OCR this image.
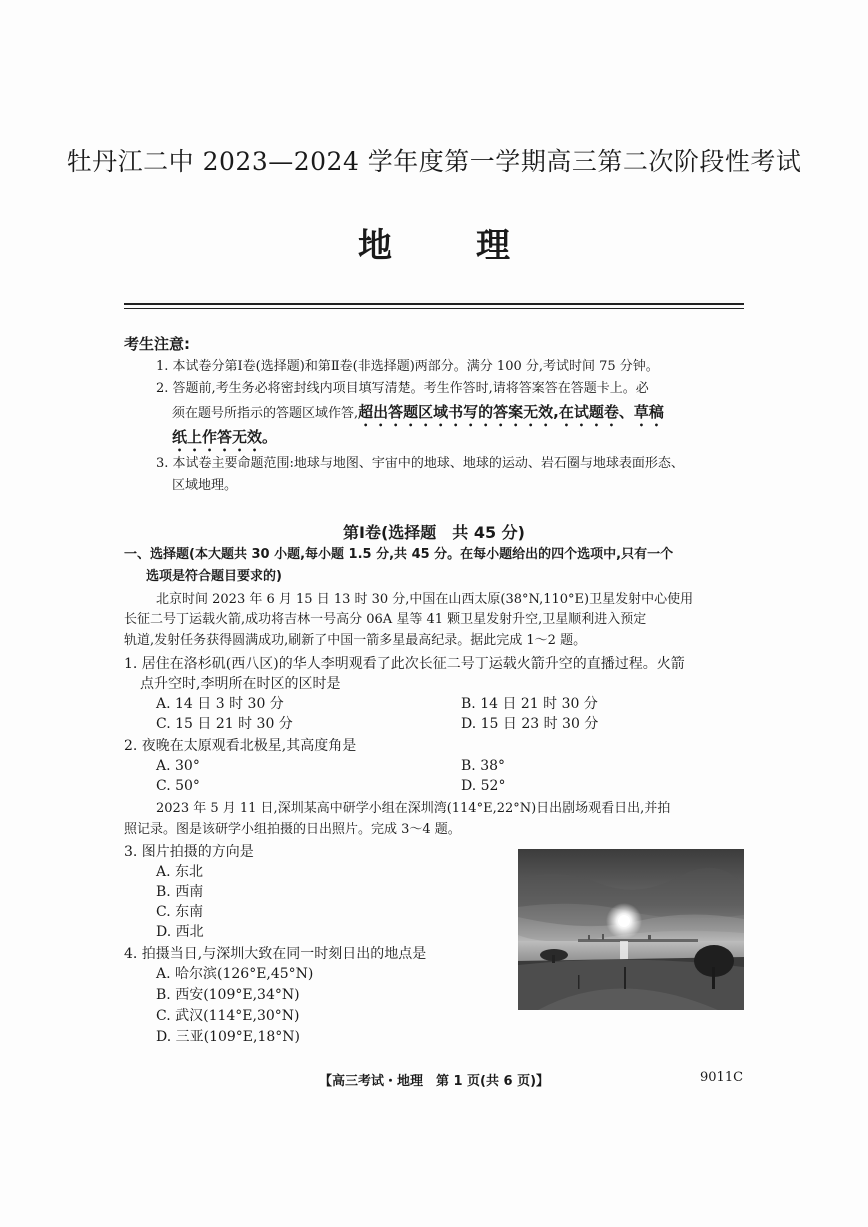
牡丹江二中 2023—2024 学年度第一学期高三第二次阶段性考试
地 理
考生注意:
1. 本试卷分第Ⅰ卷(选择题)和第Ⅱ卷(非选择题)两部分。满分 100 分,考试时间 75 分钟。
2. 答题前,考生务必将密封线内项目填写清楚。考生作答时,请将答案答在答题卡上。必
须在题号所指示的答题区域作答,超出答题区域书写的答案无效,在试题卷、草稿
纸上作答无效。
3. 本试卷主要命题范围:地球与地图、宇宙中的地球、地球的运动、岩石圈与地球表面形态、
区域地理。
第Ⅰ卷(选择题　共 45 分)
一、选择题(本大题共 30 小题,每小题 1.5 分,共 45 分。在每小题给出的四个选项中,只有一个
选项是符合题目要求的)
北京时间 2023 年 6 月 15 日 13 时 30 分,中国在山西太原(38°N,110°E)卫星发射中心使用
长征二号丁运载火箭,成功将吉林一号高分 06A 星等 41 颗卫星发射升空,卫星顺利进入预定
轨道,发射任务获得圆满成功,刷新了中国一箭多星最高纪录。据此完成 1～2 题。
1. 居住在洛杉矶(西八区)的华人李明观看了此次长征二号丁运载火箭升空的直播过程。火箭
点升空时,李明所在时区的区时是
A. 14 日 3 时 30 分	B. 14 日 21 时 30 分
C. 15 日 21 时 30 分	D. 15 日 23 时 30 分
2. 夜晚在太原观看北极星,其高度角是
A. 30°	B. 38°
C. 50°	D. 52°
2023 年 5 月 11 日,深圳某高中研学小组在深圳湾(114°E,22°N)日出剧场观看日出,并拍
照记录。图是该研学小组拍摄的日出照片。完成 3～4 题。
3. 图片拍摄的方向是
A. 东北
B. 西南
C. 东南
D. 西北
4. 拍摄当日,与深圳大致在同一时刻日出的地点是
A. 哈尔滨(126°E,45°N)
B. 西安(109°E,34°N)
C. 武汉(114°E,30°N)
D. 三亚(109°E,18°N)
【高三考试・地理　第 1 页(共 6 页)】	9011C
